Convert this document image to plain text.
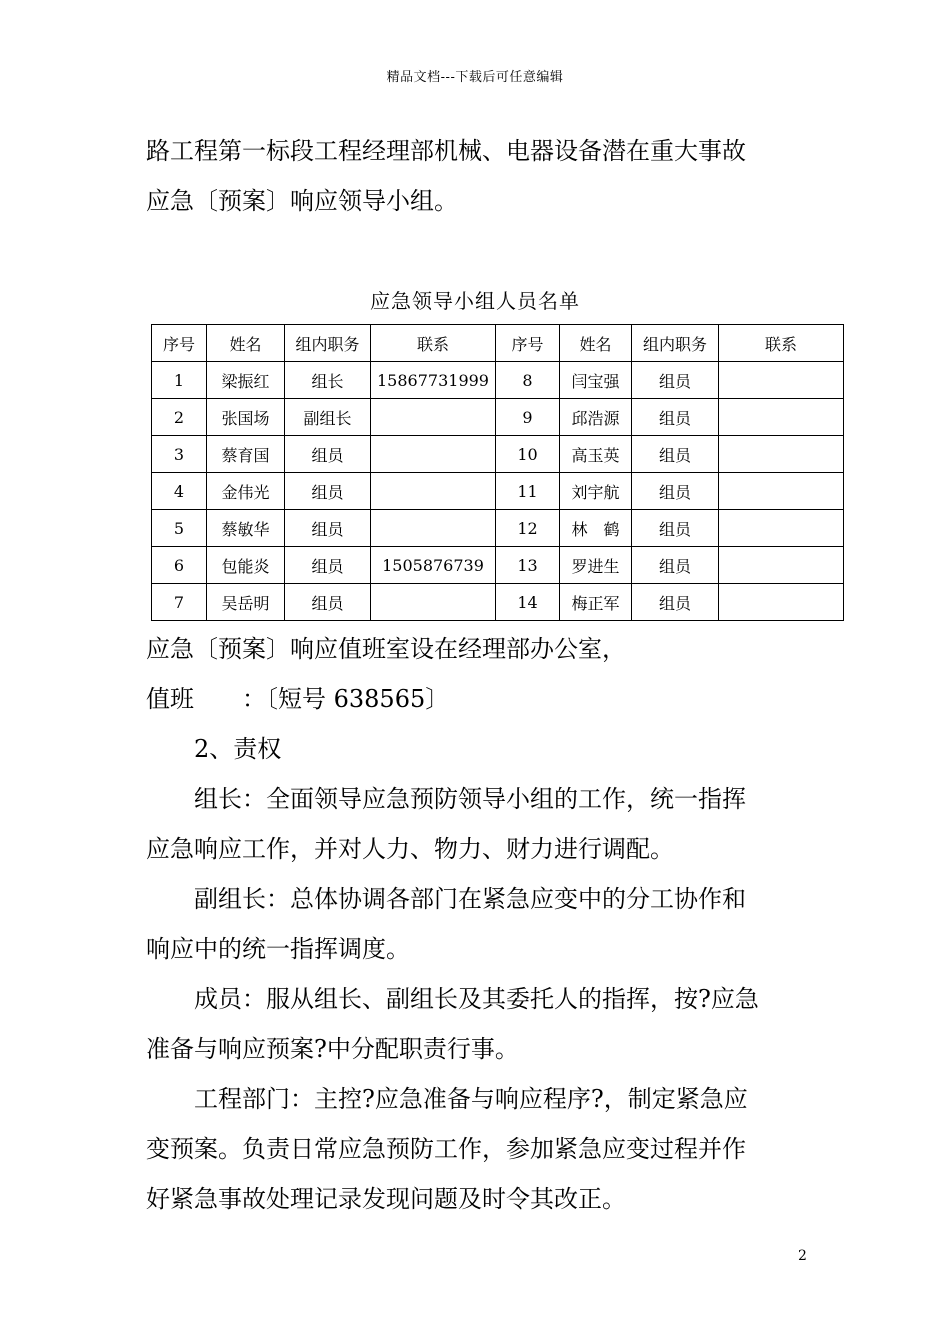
精品文档---下载后可任意编辑
路工程第一标段工程经理部机械、电器设备潜在重大事故
应急〔预案〕响应领导小组。
应急领导小组人员名单
序号	姓名	组内职务	联系	序号	姓名	组内职务	联系
1	梁振红	组长	15867731999	8	闫宝强	组员	
2	张国场	副组长		9	邱浩源	组员	
3	蔡育国	组员		10	高玉英	组员	
4	金伟光	组员		11	刘宇航	组员	
5	蔡敏华	组员		12	林　鹤	组员	
6	包能炎	组员	1505876739	13	罗进生	组员	
7	吴岳明	组员		14	梅正军	组员	
应急〔预案〕响应值班室设在经理部办公室，
值班　　：〔短号 638565〕
2、责权
组长：全面领导应急预防领导小组的工作，统一指挥
应急响应工作，并对人力、物力、财力进行调配。
副组长：总体协调各部门在紧急应变中的分工协作和
响应中的统一指挥调度。
成员：服从组长、副组长及其委托人的指挥，按?应急
准备与响应预案?中分配职责行事。
工程部门：主控?应急准备与响应程序?，制定紧急应
变预案。负责日常应急预防工作，参加紧急应变过程并作
好紧急事故处理记录发现问题及时令其改正。
2
